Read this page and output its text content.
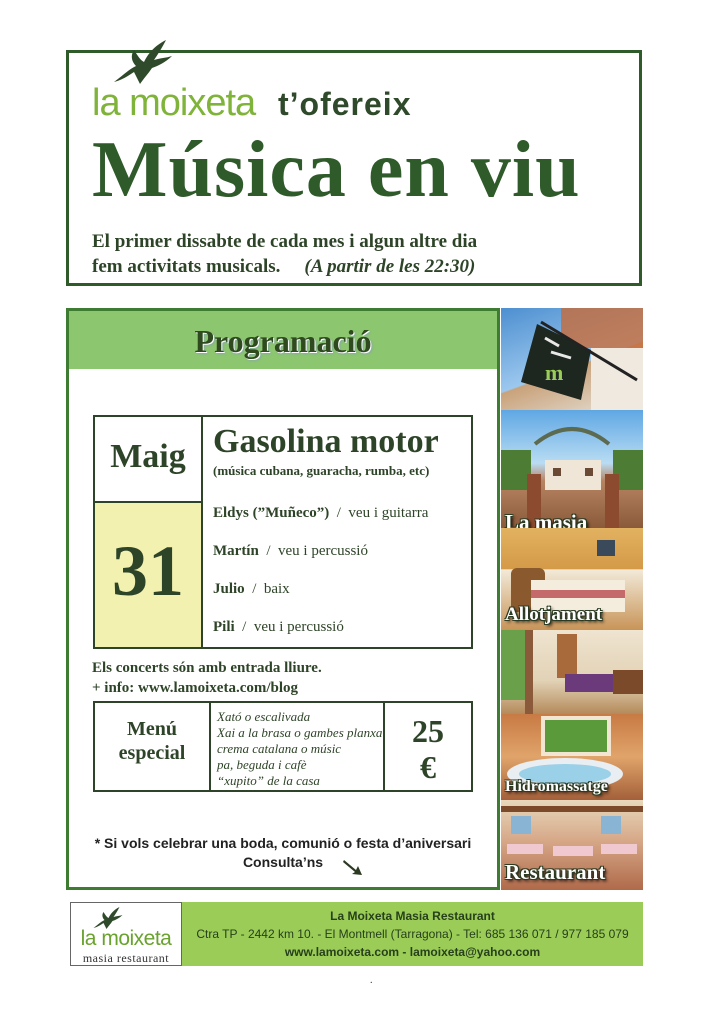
la moixeta t’ofereix
Música en viu
El primer dissabte de cada mes i algun altre dia
fem activitats musicals. (A partir de les 22:30)
Programació
Maig
31
Gasolina motor
(música cubana, guaracha, rumba, etc)
Eldys (”Muñeco”) / veu i guitarra
Martín / veu i percussió
Julio / baix
Pili / veu i percussió
Els concerts són amb entrada lliure.
+ info: www.lamoixeta.com/blog
Menú
especial
Xató o escalivada
Xai a la brasa o gambes planxa
crema catalana o músic
pa, beguda i cafè
“xupito” de la casa
25
€
* Si vols celebrar una boda, comunió o festa d’aniversari
Consulta’ns
m
La masia
Allotjament
Hidromassatge
Restaurant
la moixeta
masia restaurant
La Moixeta Masia Restaurant
Ctra TP - 2442 km 10. - El Montmell (Tarragona) - Tel: 685 136 071 / 977 185 079
www.lamoixeta.com - lamoixeta@yahoo.com
.
